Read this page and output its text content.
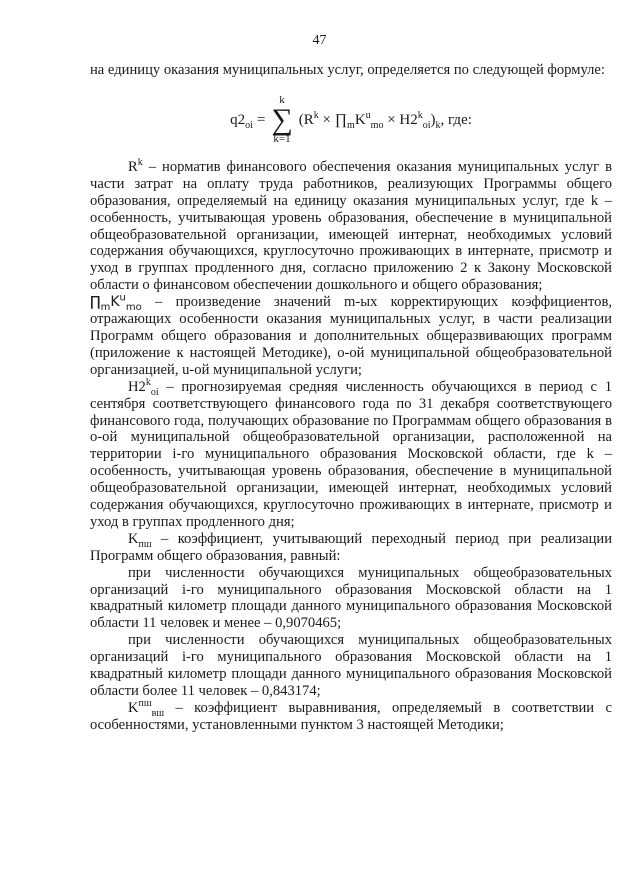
47

на единицу оказания муниципальных услуг, определяется по следующей формуле:

$q2_{oi}$ =
k
∑
k=1
($R^k$ × $\prod_mK^u_{mo} \times H2^k_{oi})_k$, где:

$R^k$ – норматив финансового обеспечения оказания муниципальных услуг в части затрат на оплату труда работников, реализующих Программы общего образования, определяемый на единицу оказания муниципальных услуг, где k – особенность, учитывающая уровень образования, обеспечение в муниципальной общеобразовательной организации, имеющей интернат, необходимых условий содержания обучающихся, круглосуточно проживающих в интернате, присмотр и уход в группах продленного дня, согласно приложению 2 к Закону Московской области о финансовом обеспечении дошкольного и общего образования;

$\prod_mK^u_{mo}$ – произведение значений m-ых корректирующих коэффициентов, отражающих особенности оказания муниципальных услуг, в части реализации Программ общего образования и дополнительных общеразвивающих программ (приложение к настоящей Методике), о-ой муниципальной общеобразовательной организацией, u-ой муниципальной услуги;

$H2^k_{oi}$ – прогнозируемая средняя численность обучающихся в период с 1 сентября соответствующего финансового года по 31 декабря соответствующего финансового года, получающих образование по Программам общего образования в о-ой муниципальной общеобразовательной организации, расположенной на территории i-го муниципального образования Московской области, где k – особенность, учитывающая уровень образования, обеспечение в муниципальной общеобразовательной организации, имеющей интернат, необходимых условий содержания обучающихся, круглосуточно проживающих в интернате, присмотр и уход в группах продленного дня;

$K_{пш}$ – коэффициент, учитывающий переходный период при реализации Программ общего образования, равный:

при численности обучающихся муниципальных общеобразовательных организаций i-го муниципального образования Московской области на 1 квадратный километр площади данного муниципального образования Московской области 11 человек и менее – 0,9070465;

при численности обучающихся муниципальных общеобразовательных организаций i-го муниципального образования Московской области на 1 квадратный километр площади данного муниципального образования Московской области более 11 человек – 0,843174;

$K^{пш}_{вш}$ – коэффициент выравнивания, определяемый в соответствии с особенностями, установленными пунктом 3 настоящей Методики;
